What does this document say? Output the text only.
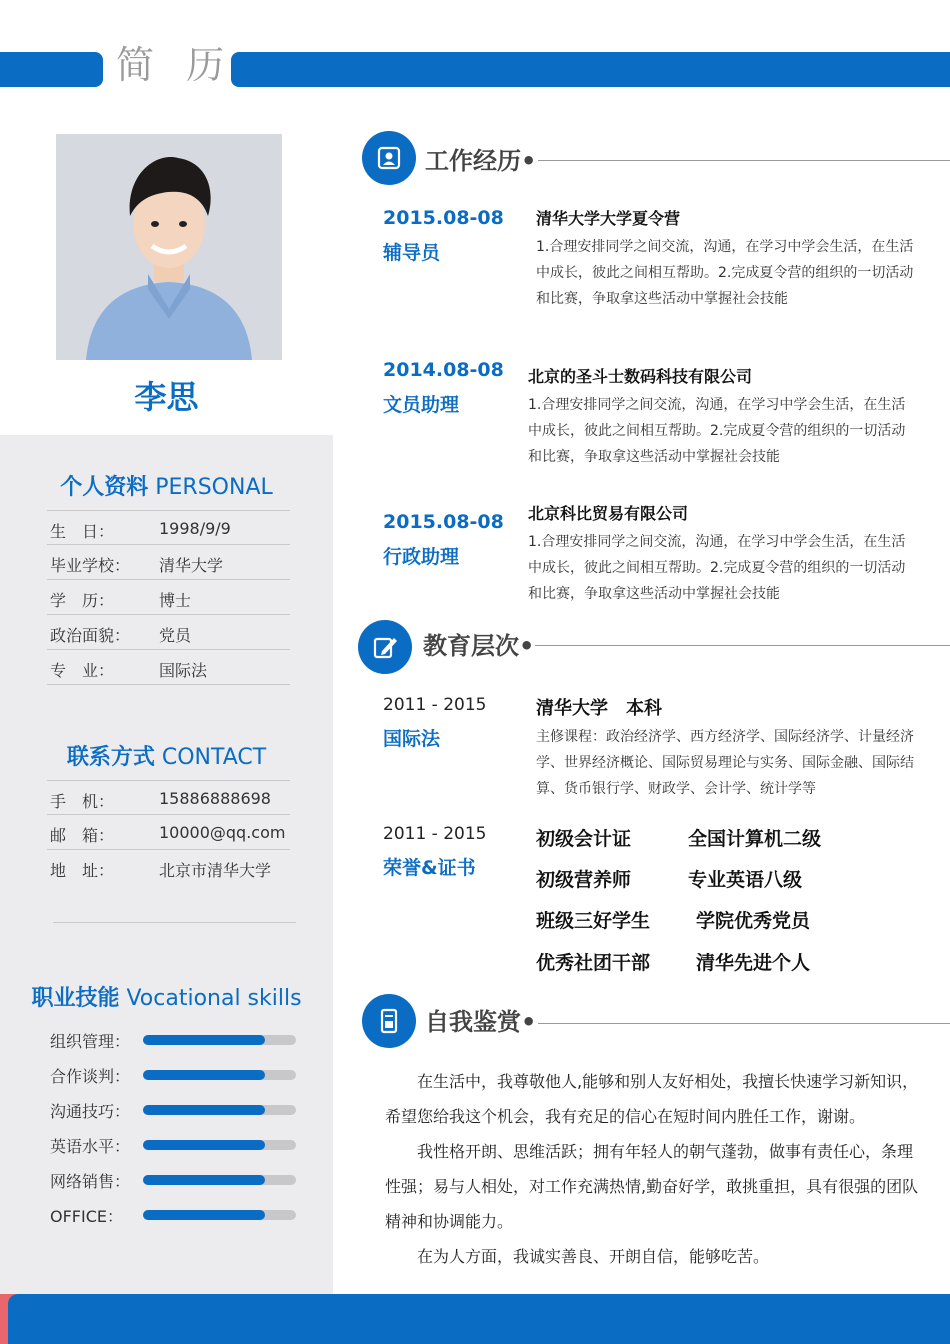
简 历
李思
个人资料 PERSONAL
生　日：	1998/9/9
毕业学校： 清华大学
学　历：	博士
政治面貌： 党员
专　业：	国际法
联系方式 CONTACT
手　机：	15886888698
邮　箱：	10000@qq.com
地　址：	北京市清华大学
职业技能 Vocational skills
组织管理：
合作谈判：
沟通技巧：
英语水平：
网络销售：
OFFICE：
工作经历•
2015.08-08
辅导员
清华大学大学夏令营
1.合理安排同学之间交流，沟通，在学习中学会生活，在生活中成长，彼此之间相互帮助。2.完成夏令营的组织的一切活动和比赛，争取拿这些活动中掌握社会技能
2014.08-08
文员助理
北京的圣斗士数码科技有限公司
1.合理安排同学之间交流，沟通，在学习中学会生活，在生活中成长，彼此之间相互帮助。2.完成夏令营的组织的一切活动和比赛，争取拿这些活动中掌握社会技能
2015.08-08
行政助理
北京科比贸易有限公司
1.合理安排同学之间交流，沟通，在学习中学会生活，在生活中成长，彼此之间相互帮助。2.完成夏令营的组织的一切活动和比赛，争取拿这些活动中掌握社会技能
教育层次•
2011 - 2015
国际法
清华大学　本科
主修课程：政治经济学、西方经济学、国际经济学、计量经济学、世界经济概论、国际贸易理论与实务、国际金融、国际结算、货币银行学、财政学、会计学、统计学等
2011 - 2015
荣誉&证书
初级会计证	全国计算机二级
初级营养师	专业英语八级
班级三好学生 学院优秀党员
优秀社团干部 清华先进个人
自我鉴赏•
在生活中，我尊敬他人,能够和别人友好相处，我擅长快速学习新知识，希望您给我这个机会，我有充足的信心在短时间内胜任工作，谢谢。
我性格开朗、思维活跃；拥有年轻人的朝气蓬勃，做事有责任心，条理性强；易与人相处，对工作充满热情,勤奋好学，敢挑重担，具有很强的团队精神和协调能力。
在为人方面，我诚实善良、开朗自信，能够吃苦。
